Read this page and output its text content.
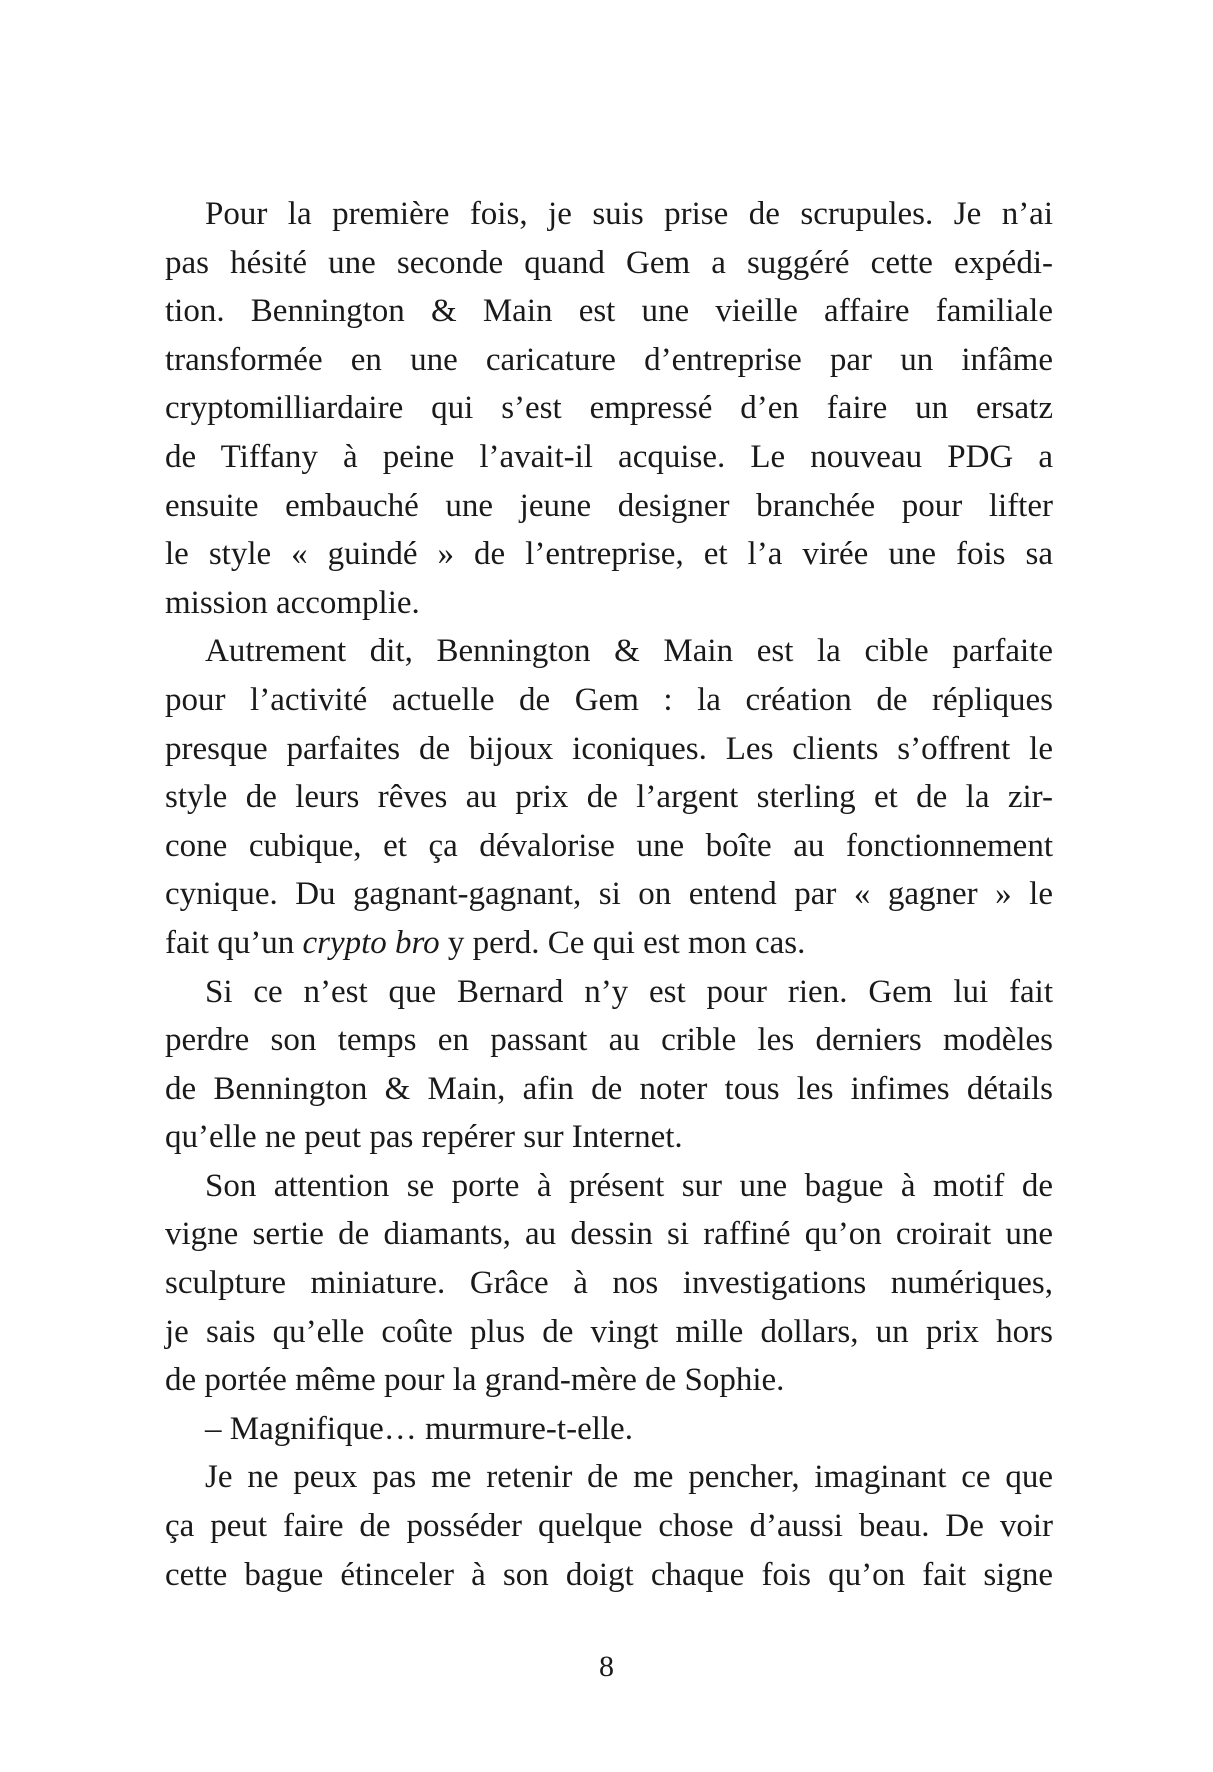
Pour la première fois, je suis prise de scrupules. Je n’ai
pas hésité une seconde quand Gem a suggéré cette expédi-
tion. Bennington & Main est une vieille affaire familiale
transformée en une caricature d’entreprise par un infâme
cryptomilliardaire qui s’est empressé d’en faire un ersatz
de Tiffany à peine l’avait-il acquise. Le nouveau PDG a
ensuite embauché une jeune designer branchée pour lifter
le style « guindé » de l’entreprise, et l’a virée une fois sa
mission accomplie.
Autrement dit, Bennington & Main est la cible parfaite
pour l’activité actuelle de Gem : la création de répliques
presque parfaites de bijoux iconiques. Les clients s’offrent le
style de leurs rêves au prix de l’argent sterling et de la zir-
cone cubique, et ça dévalorise une boîte au fonctionnement
cynique. Du gagnant-gagnant, si on entend par « gagner » le
fait qu’un crypto bro y perd. Ce qui est mon cas.
Si ce n’est que Bernard n’y est pour rien. Gem lui fait
perdre son temps en passant au crible les derniers modèles
de Bennington & Main, afin de noter tous les infimes détails
qu’elle ne peut pas repérer sur Internet.
Son attention se porte à présent sur une bague à motif de
vigne sertie de diamants, au dessin si raffiné qu’on croirait une
sculpture miniature. Grâce à nos investigations numériques,
je sais qu’elle coûte plus de vingt mille dollars, un prix hors
de portée même pour la grand-mère de Sophie.
– Magnifique… murmure-t-elle.
Je ne peux pas me retenir de me pencher, imaginant ce que
ça peut faire de posséder quelque chose d’aussi beau. De voir
cette bague étinceler à son doigt chaque fois qu’on fait signe
8
